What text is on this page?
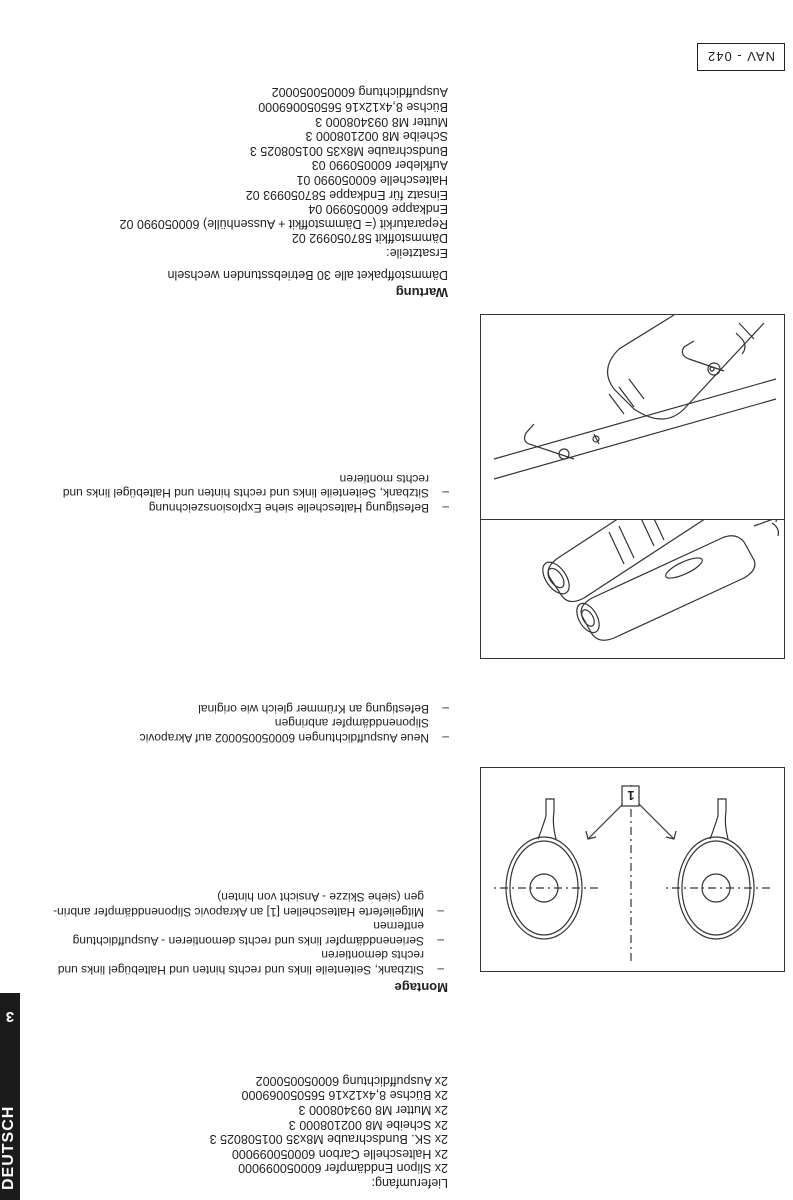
DEUTSCH
3
Lieferumfang:
2x Slipon Enddämpfer 600050099000
2x Halteschelle Carbon 600050099000
2x SK. Bundschraube M8x35 001508025 3
2x Scheibe M8 002108000 3
2x Mutter M8 093408000 3
2x Büchse 8,4x12x16 565050069000
2x Auspuffdichtung 600050050002
Montage
– Sitzbank, Seitenteile links und rechts hinten und Haltebügel links und
rechts demontieren
– Serienenddämpfer links und rechts demontieren - Auspuffdichtung
entfernen
– Mitgelieferte Halteschellen [1] an Akrapovic Sliponenddämpfer anbrin-
gen (siehe Skizze - Ansicht von hinten)
1
– Neue Auspuffdichtungen 600050050002 auf Akrapovic
Sliponenddämpfer anbringen
– Befestigung an Krümmer gleich wie original
– Befestigung Halteschelle siehe Explosionszeichnung
– Sitzbank, Seitenteile links und rechts hinten und Haltebügel links und
rechts montieren
Wartung
Dämmstoffpaket alle 30 Betriebsstunden wechseln
Ersatzteile:
Dämmstoffkit 587050992 02
Reparaturkit (= Dämmstoffkit + Aussenhülle) 600050990 02
Endkappe 600050990 04
Einsatz für Endkappe 587050993 02
Halteschelle 600050990 01
Aufkleber 600050990 03
Bundschraube M8x35 001508025 3
Scheibe M8 002108000 3
Mutter M8 093408000 3
Büchse 8,4x12x16 565050069000
Auspuffdichtung 600050050002
NAV - 042
